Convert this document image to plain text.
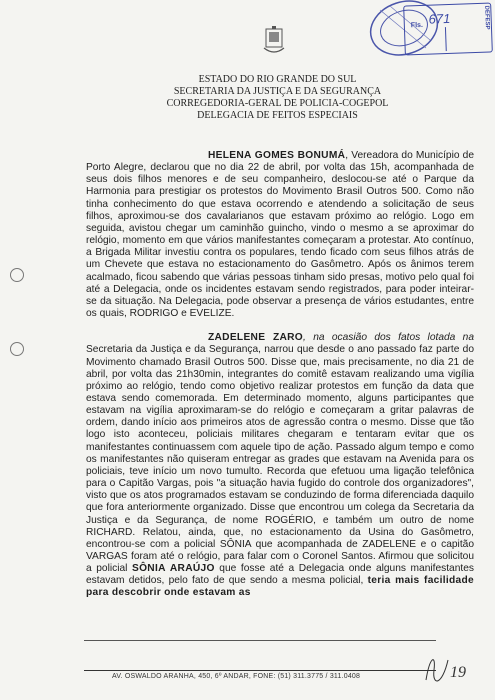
Fls. 671	DEFESP
ESTADO DO RIO GRANDE DO SUL
SECRETARIA DA JUSTIÇA E DA SEGURANÇA
CORREGEDORIA-GERAL DE POLICIA-COGEPOL
DELEGACIA DE FEITOS ESPECIAIS

HELENA GOMES BONUMÁ, Vereadora do Município de Porto Alegre, declarou que no dia 22 de abril, por volta das 15h, acompanhada de seus dois filhos menores e de seu companheiro, deslocou-se até o Parque da Harmonia para prestigiar os protestos do Movimento Brasil Outros 500. Como não tinha conhecimento do que estava ocorrendo e atendendo a solicitação de seus filhos, aproximou-se dos cavalarianos que estavam próximo ao relógio. Logo em seguida, avistou chegar um caminhão guincho, vindo o mesmo a se aproximar do relógio, momento em que vários manifestantes começaram a protestar. Ato contínuo, a Brigada Militar investiu contra os populares, tendo ficado com seus filhos atrás de um Chevete que estava no estacionamento do Gasômetro. Após os ânimos terem acalmado, ficou sabendo que várias pessoas tinham sido presas, motivo pelo qual foi até a Delegacia, onde os incidentes estavam sendo registrados, para poder inteirar-se da situação. Na Delegacia, pode observar a presença de vários estudantes, entre os quais, RODRIGO e EVELIZE.

ZADELENE ZARO, na ocasião dos fatos lotada na Secretaria da Justiça e da Segurança, narrou que desde o ano passado faz parte do Movimento chamado Brasil Outros 500. Disse que, mais precisamente, no dia 21 de abril, por volta das 21h30min, integrantes do comitê estavam realizando uma vigília próximo ao relógio, tendo como objetivo realizar protestos em função da data que estava sendo comemorada. Em determinado momento, alguns participantes que estavam na vigília aproximaram-se do relógio e começaram a gritar palavras de ordem, dando início aos primeiros atos de agressão contra o mesmo. Disse que tão logo isto aconteceu, policiais militares chegaram e tentaram evitar que os manifestantes continuassem com aquele tipo de ação. Passado algum tempo e como os manifestantes não quiseram entregar as grades que estavam na Avenida para os policiais, teve início um novo tumulto. Recorda que efetuou uma ligação telefônica para o Capitão Vargas, pois "a situação havia fugido do controle dos organizadores", visto que os atos programados estavam se conduzindo de forma diferenciada daquilo que fora anteriormente organizado. Disse que encontrou um colega da Secretaria da Justiça e da Segurança, de nome ROGÉRIO, e também um outro de nome RICHARD. Relatou, ainda, que, no estacionamento da Usina do Gasômetro, encontrou-se com a policial SÔNIA que acompanhada de ZADELENE e o capitão VARGAS foram até o relógio, para falar com o Coronel Santos. Afirmou que solicitou a policial SÔNIA ARAÚJO que fosse até a Delegacia onde alguns manifestantes estavam detidos, pelo fato de que sendo a mesma policial, teria mais facilidade para descobrir onde estavam as

AV. OSWALDO ARANHA, 450, 6º ANDAR, FONE: (51) 311.3775 / 311.0408	19
